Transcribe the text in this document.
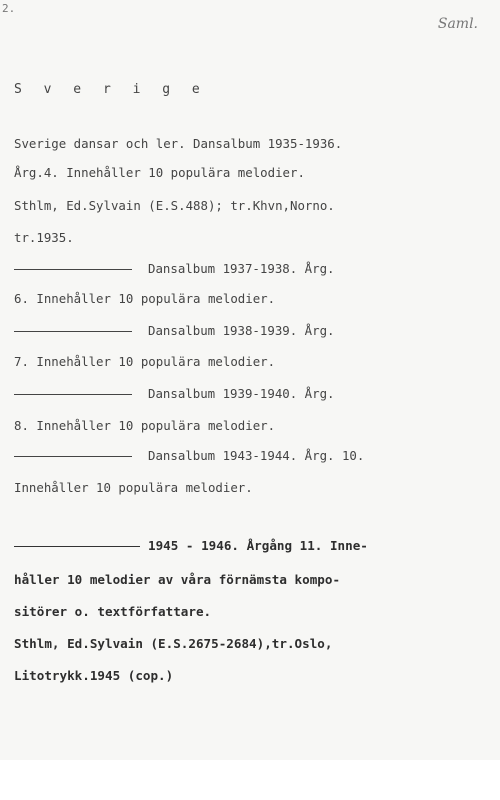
2.
Saml.
S v e r i g e
Sverige dansar och ler. Dansalbum 1935-1936.
Årg.4. Innehåller 10 populära melodier.
Sthlm, Ed.Sylvain (E.S.488); tr.Khvn,Norno.
tr.1935.
Dansalbum 1937-1938. Årg.
6. Innehåller 10 populära melodier.
Dansalbum 1938-1939. Årg.
7. Innehåller 10 populära melodier.
Dansalbum 1939-1940. Årg.
8. Innehåller 10 populära melodier.
Dansalbum 1943-1944. Årg. 10.
Innehåller 10 populära melodier.
1945 - 1946. Årgång 11. Inne-
håller 10 melodier av våra förnämsta kompo-
sitörer o. textförfattare.
Sthlm, Ed.Sylvain (E.S.2675-2684),tr.Oslo,
Litotrykk.1945 (cop.)
